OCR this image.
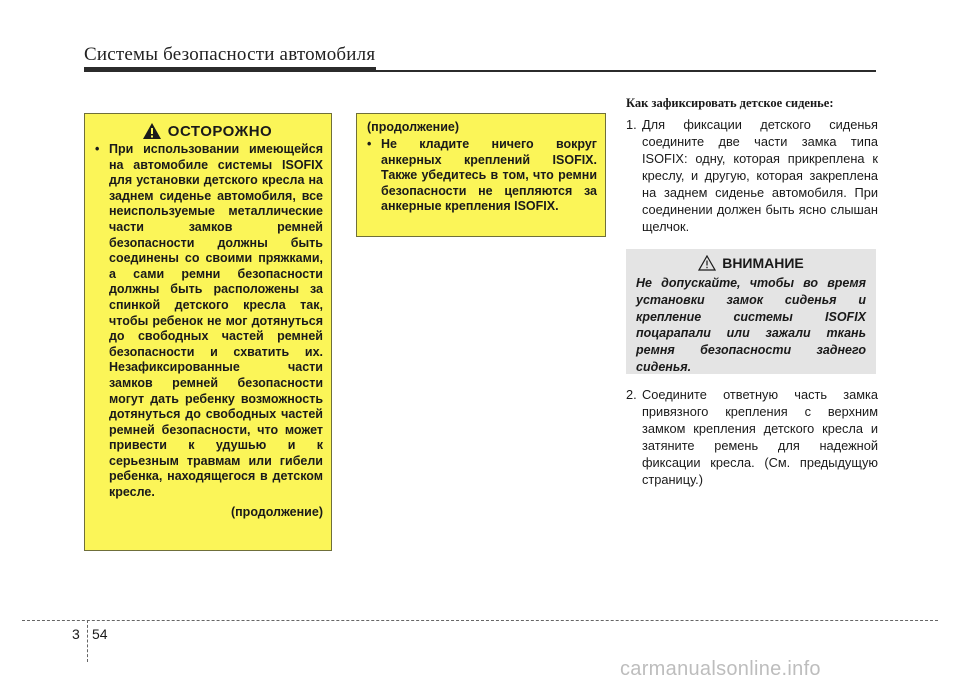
Системы безопасности автомобиля
ОСТОРОЖНО
• При использовании имеющейся на автомобиле системы ISOFIX для установки детского кресла на заднем сиденье автомобиля, все неиспользуемые металлические части замков ремней безопасности должны быть соединены со своими пряжками, а сами ремни безопасности должны быть расположены за спинкой детского кресла так, чтобы ребенок не мог дотянуться до свободных частей ремней безопасности и схватить их. Незафиксированные части замков ремней безопасности могут дать ребенку возможность дотянуться до свободных частей ремней безопасности, что может привести к удушью и к серьезным травмам или гибели ребенка, находящегося в детском кресле.
(продолжение)
(продолжение)
• Не кладите ничего вокруг анкерных креплений ISOFIX. Также убедитесь в том, что ремни безопасности не цепляются за анкерные крепления ISOFIX.
Как зафиксировать детское сиденье:
1. Для фиксации детского сиденья соедините две части замка типа ISOFIX: одну, которая прикреплена к креслу, и другую, которая закреплена на заднем сиденье автомобиля. При соединении должен быть ясно слышан щелчок.
ВНИМАНИЕ
Не допускайте, чтобы во время установки замок сиденья и крепление системы ISOFIX поцарапали или зажали ткань ремня безопасности заднего сиденья.
2. Соедините ответную часть замка привязного крепления с верхним замком крепления детского кресла и затяните ремень для надежной фиксации кресла. (См. предыдущую страницу.)
3 54
carmanualsonline.info
